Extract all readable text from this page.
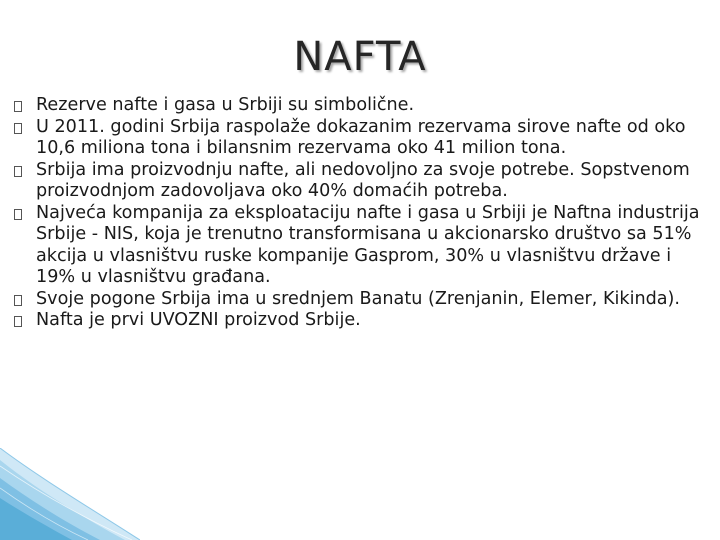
NAFTA
Rezerve nafte i gasa u Srbiji su simbolične.
U 2011. godini Srbija raspolaže dokazanim rezervama sirove nafte od oko 10,6 miliona tona i bilansnim rezervama oko 41 milion tona.
Srbija ima proizvodnju nafte, ali nedovoljno za svoje potrebe. Sopstvenom proizvodnjom zadovoljava oko 40% domaćih potreba.
Najveća kompanija za eksploataciju nafte i gasa u Srbiji je Naftna industrija Srbije - NIS, koja je trenutno transformisana u akcionarsko društvo sa 51% akcija u vlasništvu ruske kompanije Gasprom, 30% u vlasništvu države i 19% u vlasništvu građana.
Svoje pogone Srbija ima u srednjem Banatu (Zrenjanin, Elemer, Kikinda).
Nafta je prvi UVOZNI proizvod Srbije.
